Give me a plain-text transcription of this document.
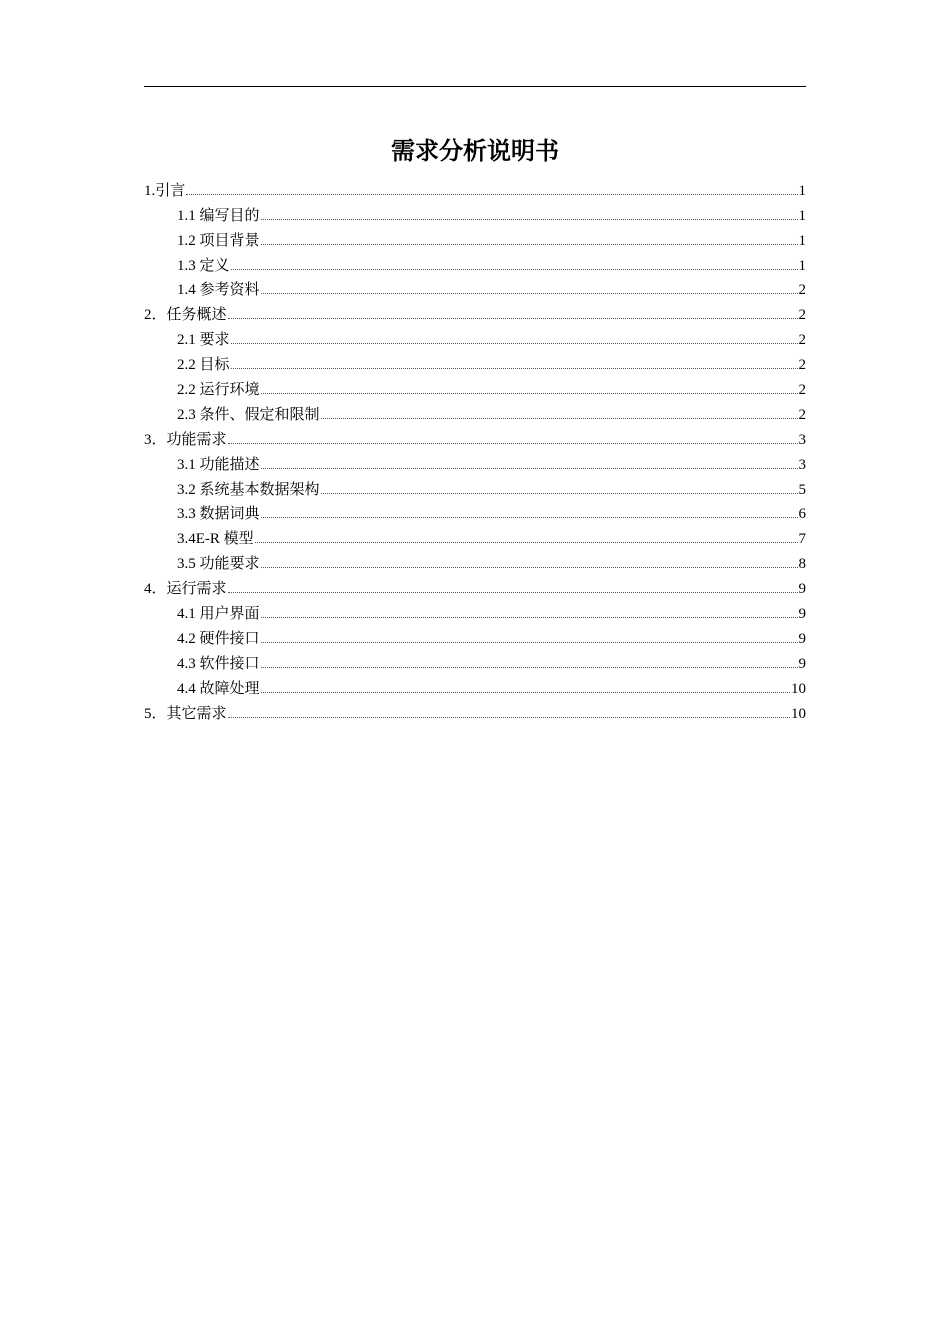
需求分析说明书
1.引言	1
1.1 编写目的	1
1.2 项目背景	1
1.3 定义	1
1.4 参考资料	2
2．任务概述	2
2.1 要求	2
2.2 目标	2
2.2 运行环境	2
2.3 条件、假定和限制	2
3．功能需求	3
3.1 功能描述	3
3.2 系统基本数据架构	5
3.3 数据词典	6
3.4E-R 模型	7
3.5 功能要求	8
4．运行需求	9
4.1 用户界面	9
4.2 硬件接口	9
4.3 软件接口	9
4.4 故障处理	10
5．其它需求	10
